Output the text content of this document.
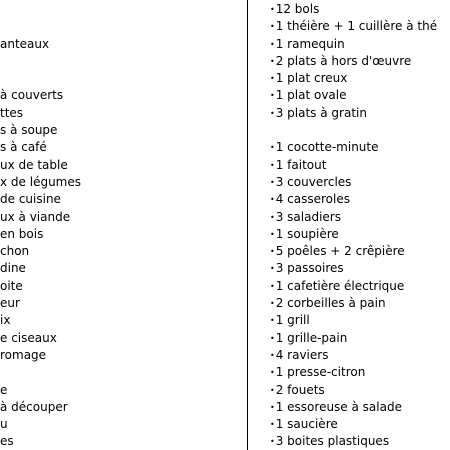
anteaux
à couverts
ttes
s à soupe
s à café
ux de table
x de légumes
de cuisine
ux à viande
en bois
chon
dine
oite
eur
ix
e ciseaux
romage
e
à découper
u
es
•12 bols
•1 théière + 1 cuillère à thé
•1 ramequin
•2 plats à hors d'œuvre
•1 plat creux
•1 plat ovale
•3 plats à gratin
•1 cocotte-minute
•1 faitout
•3 couvercles
•4 casseroles
•3 saladiers
•1 soupière
•5 poêles + 2 crêpière
•3 passoires
•1 cafetière électrique
•2 corbeilles à pain
•1 grill
•1 grille-pain
•4 raviers
•1 presse-citron
•2 fouets
•1 essoreuse à salade
•1 saucière
•3 boites plastiques
